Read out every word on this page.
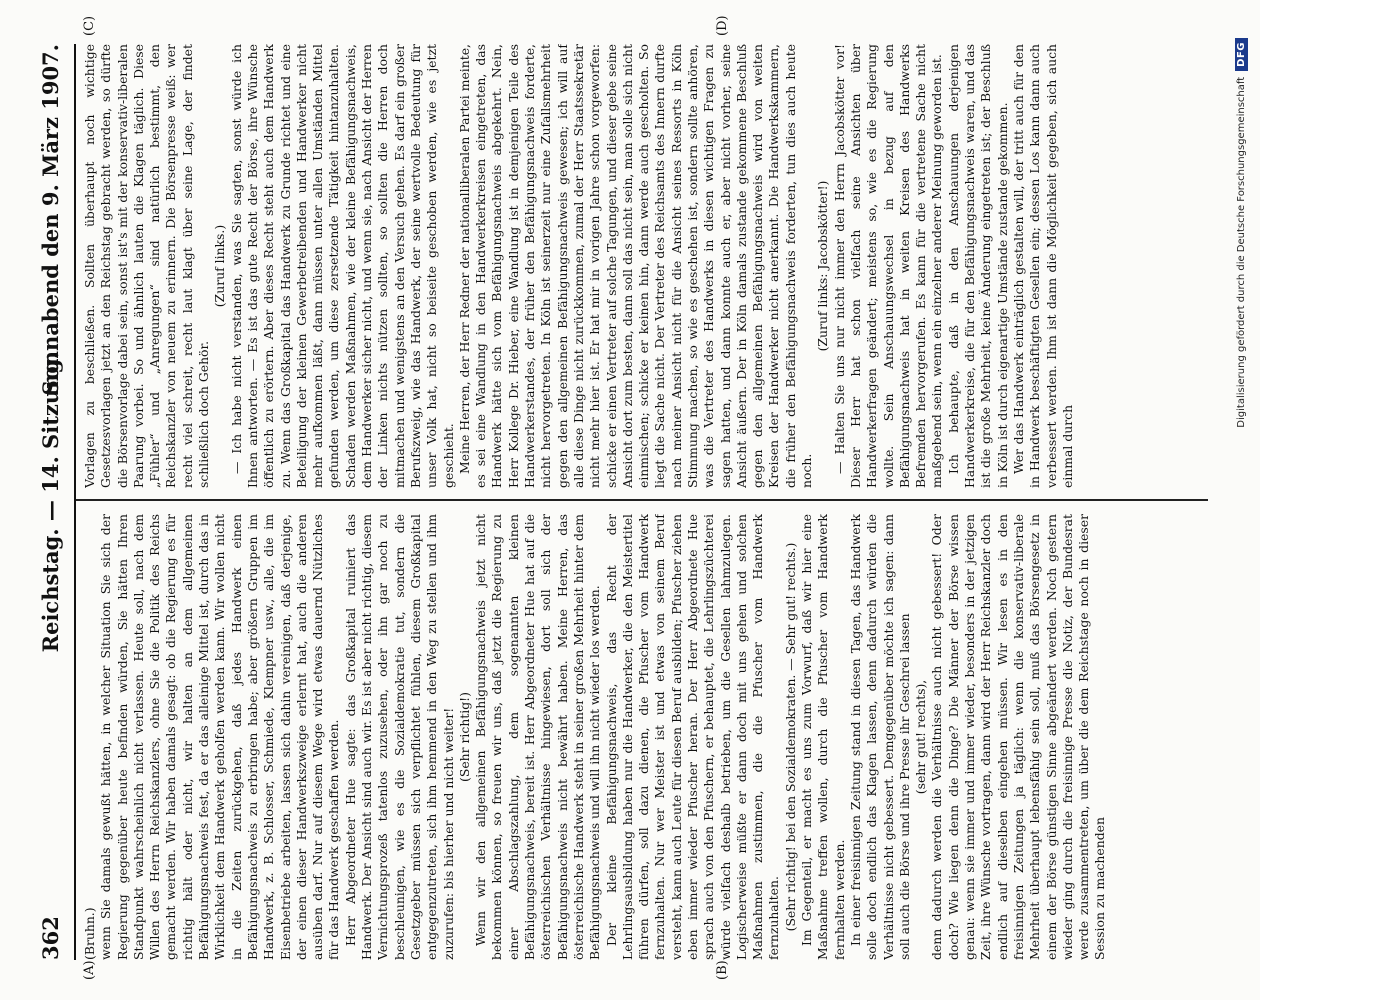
362
Reichstag. — 14. Sitzung.
Sonnabend den 9. März 1907.
(A)	(B)
(C)	(D)

(Bruhn.) wenn Sie damals gewußt hätten, in welcher Situation Sie sich der Regierung gegenüber heute befinden würden, Sie hätten Ihren Standpunkt wahrscheinlich nicht verlassen. Heute soll, nach dem Willen des Herrn Reichskanzlers, ohne Sie die Politik des Reichs gemacht werden. Wir haben damals gesagt: ob die Regierung es für richtig hält oder nicht, wir halten an dem allgemeinen Befähigungsnachweis fest, da er das alleinige Mittel ist, durch das in Wirklichkeit dem Handwerk geholfen werden kann. Wir wollen nicht in die Zeiten zurückgehen, daß jedes Handwerk einen Befähigungsnachweis zu erbringen habe; aber größern Gruppen im Handwerk, z. B. Schlosser, Schmiede, Klempner usw., alle, die im Eisenbetriebe arbeiten, lassen sich dahin vereinigen, daß derjenige, der einen dieser Handwerkszweige erlernt hat, auch die anderen ausüben darf. Nur auf diesem Wege wird etwas dauernd Nützliches für das Handwerk geschaffen werden. Herr Abgeordneter Hue sagte: das Großkapital ruiniert das Handwerk. Der Ansicht sind auch wir. Es ist aber nicht richtig, diesem Vernichtungsprozeß tatenlos zuzusehen, oder ihn gar noch zu beschleunigen, wie es die Sozialdemokratie tut, sondern die Gesetzgeber müssen sich verpflichtet fühlen, diesem Großkapital entgegenzutreten, sich ihm hemmend in den Weg zu stellen und ihm zuzurufen: bis hierher und nicht weiter! (Sehr richtig!) Wenn wir den allgemeinen Befähigungsnachweis jetzt nicht bekommen können, so freuen wir uns, daß jetzt die Regierung zu einer Abschlagszahlung, dem sogenannten kleinen Befähigungsnachweis, bereit ist. Herr Abgeordneter Hue hat auf die österreichischen Verhältnisse hingewiesen, dort soll sich der Befähigungsnachweis nicht bewährt haben. Meine Herren, das österreichische Handwerk steht in seiner großen Mehrheit hinter dem Befähigungsnachweis und will ihn nicht wieder los werden. Der kleine Befähigungsnachweis, das Recht der Lehrlingsausbildung haben nur die Handwerker, die den Meistertitel führen dürfen, soll dazu dienen, die Pfuscher vom Handwerk fernzuhalten. Nur wer Meister ist und etwas von seinem Beruf versteht, kann auch Leute für diesen Beruf ausbilden; Pfuscher ziehen eben immer wieder Pfuscher heran. Der Herr Abgeordnete Hue sprach auch von den Pfuschern, er behauptet, die Lehrlingszüchterei würde vielfach deshalb betrieben, um die Gesellen lahmzulegen. Logischerweise müßte er dann doch mit uns gehen und solchen Maßnahmen zustimmen, die die Pfuscher vom Handwerk fernzuhalten. (Sehr richtig! bei den Sozialdemokraten. — Sehr gut! rechts.) Im Gegenteil, er macht es uns zum Vorwurf, daß wir hier eine Maßnahme treffen wollen, durch die Pfuscher vom Handwerk fernhalten werden. In einer freisinnigen Zeitung stand in diesen Tagen, das Handwerk solle doch endlich das Klagen lassen, denn dadurch würden die Verhältnisse nicht gebessert. Demgegenüber möchte ich sagen: dann soll auch die Börse und ihre Presse ihr Geschrei lassen (sehr gut! rechts), denn dadurch werden die Verhältnisse auch nicht gebessert! Oder doch? Wie liegen denn die Dinge? Die Männer der Börse wissen genau: wenn sie immer und immer wieder, besonders in der jetzigen Zeit, ihre Wünsche vortragen, dann wird der Herr Reichskanzler doch endlich auf dieselben eingehen müssen. Wir lesen es in den freisinnigen Zeitungen ja täglich: wenn die konservativ-liberale Mehrheit überhaupt lebensfähig sein soll, muß das Börsengesetz in einem der Börse günstigen Sinne abgeändert werden. Noch gestern wieder ging durch die freisinnige Presse die Notiz, der Bundesrat werde zusammentreten, um über die dem Reichstage noch in dieser Session zu machenden

Vorlagen zu beschließen. Sollten überhaupt noch wichtige Gesetzesvorlagen jetzt an den Reichstag gebracht werden, so dürfte die Börsenvorlage dabei sein, sonst ist's mit der konservativ-liberalen Paarung vorbei. So und ähnlich lauten die Klagen täglich. Diese „Fühler“ und „Anregungen“ sind natürlich bestimmt, den Reichskanzler von neuem zu erinnern. Die Börsenpresse weiß: wer recht viel schreit, recht laut klagt über seine Lage, der findet schließlich doch Gehör.

(Zuruf links.) — Ich habe nicht verstanden, was Sie sagten, sonst würde ich Ihnen antworten. — Es ist das gute Recht der Börse, ihre Wünsche öffentlich zu erörtern. Aber dieses Recht steht auch dem Handwerk zu. Wenn das Großkapital das Handwerk zu Grunde richtet und eine Beteiligung der kleinen Gewerbetreibenden und Handwerker nicht mehr aufkommen läßt, dann müssen unter allen Umständen Mittel gefunden werden, um diese zersetzende Tätigkeit hintanzuhalten. Schaden werden Maßnahmen, wie der kleine Befähigungsnachweis, dem Handwerker sicher nicht, und wenn sie, nach Ansicht der Herren der Linken nichts nützen sollten, so sollten die Herren doch mitmachen und wenigstens an den Versuch gehen. Es darf ein großer Berufszweig, wie das Handwerk, der seine wertvolle Bedeutung für unser Volk hat, nicht so beiseite geschoben werden, wie es jetzt geschieht. Meine Herren, der Herr Redner der nationalliberalen Partei meinte, es sei eine Wandlung in den Handwerkerkreisen eingetreten, das Handwerk hätte sich vom Befähigungsnachweis abgekehrt. Nein, Herr Kollege Dr. Hieber, eine Wandlung ist in demjenigen Teile des Handwerkerstandes, der früher den Befähigungsnachweis forderte, nicht hervorgetreten. In Köln ist seinerzeit nur eine Zufallsmehrheit gegen den allgemeinen Befähigungsnachweis gewesen; ich will auf alle diese Dinge nicht zurückkommen, zumal der Herr Staatssekretär nicht mehr hier ist. Er hat mir in vorigen Jahre schon vorgeworfen: schicke er einen Vertreter auf solche Tagungen, und dieser gebe seine Ansicht dort zum besten, dann soll das nicht sein, man solle sich nicht einmischen; schicke er keinen hin, dann werde auch gescholten. So liegt die Sache nicht. Der Vertreter des Reichsamts des Innern durfte nach meiner Ansicht nicht für die Ansicht seines Ressorts in Köln Stimmung machen, so wie es geschehen ist, sondern sollte anhören, was die Vertreter des Handwerks in diesen wichtigen Fragen zu sagen hatten, und dann konnte auch er, aber nicht vorher, seine Ansicht äußern. Der in Köln damals zustande gekommene Beschluß gegen den allgemeinen Befähigungsnachweis wird von weiten Kreisen der Handwerker nicht anerkannt. Die Handwerkskammern, die früher den Befähigungsnachweis forderten, tun dies auch heute noch.

(Zuruf links: Jacobskötter!) — Halten Sie uns nur nicht immer den Herrn Jacobskötter vor! Dieser Herr hat schon vielfach seine Ansichten über Handwerkerfragen geändert; meistens so, wie es die Regierung wollte. Sein Anschauungswechsel in bezug auf den Befähigungsnachweis hat in weiten Kreisen des Handwerks Befremden hervorgerufen. Es kann für die vertretene Sache nicht maßgebend sein, wenn ein einzelner anderer Meinung geworden ist. Ich behaupte, daß in den Anschauungen derjenigen Handwerkerkreise, die für den Befähigungsnachweis waren, und das ist die große Mehrheit, keine Änderung eingetreten ist; der Beschluß in Köln ist durch eigenartige Umstände zustande gekommen. Wer das Handwerk einträglich gestalten will, der tritt auch für den in Handwerk beschäftigten Gesellen ein; dessen Los kann dann auch verbessert werden. Ihm ist dann die Möglichkeit gegeben, sich auch einmal durch

Digitalisierung gefördert durch die Deutsche Forschungsgemeinschaft
DFG
